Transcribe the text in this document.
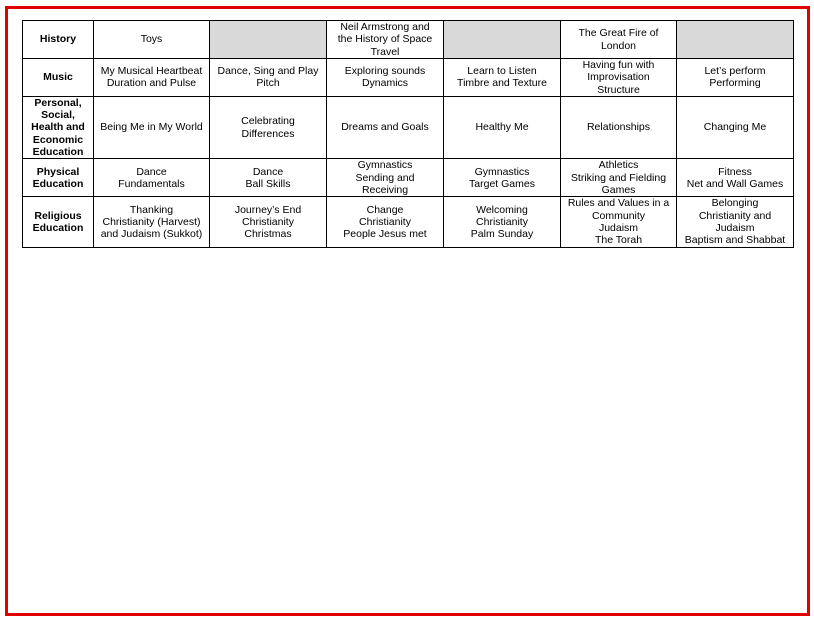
History	Toys		Neil Armstrong and
the History of Space
Travel		The Great Fire of
London	

Music	My Musical Heartbeat
Duration and Pulse	Dance, Sing and Play
Pitch	Exploring sounds
Dynamics	Learn to Listen
Timbre and Texture	Having fun with
Improvisation
Structure	Let’s perform
Performing

Personal,
Social,
Health and
Economic
Education	Being Me in My World	Celebrating
Differences	Dreams and Goals	Healthy Me	Relationships	Changing Me

Physical
Education	Dance
Fundamentals	Dance
Ball Skills	Gymnastics
Sending and
Receiving	Gymnastics
Target Games	Athletics
Striking and Fielding
Games	Fitness
Net and Wall Games

Religious
Education	Thanking
Christianity (Harvest)
and Judaism (Sukkot)	Journey’s End
Christianity
Christmas	Change
Christianity
People Jesus met	Welcoming
Christianity
Palm Sunday	Rules and Values in a
Community
Judaism
The Torah	Belonging
Christianity and
Judaism
Baptism and Shabbat
